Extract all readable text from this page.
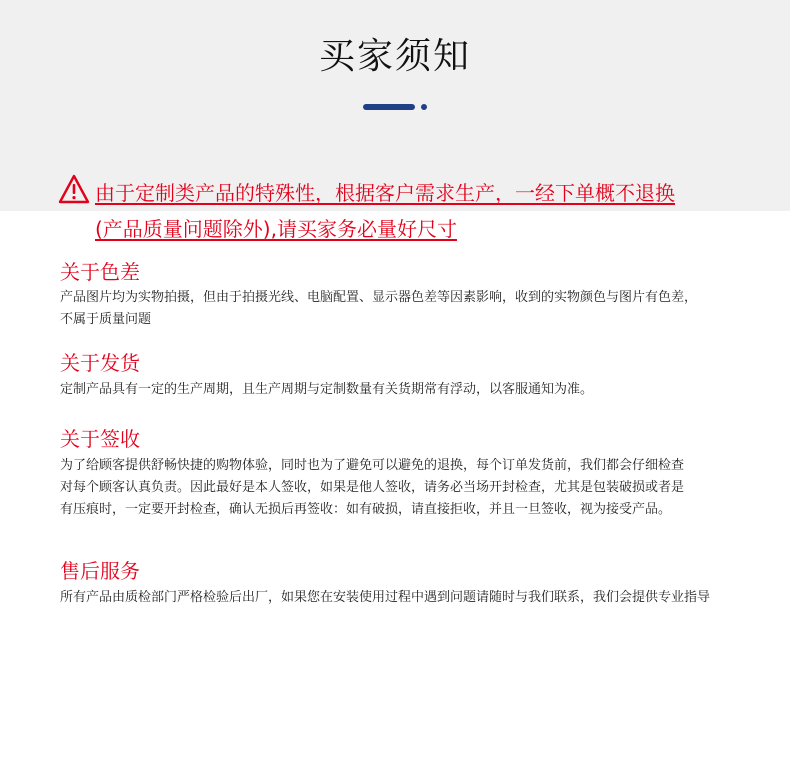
买家须知
由于定制类产品的特殊性，根据客户需求生产，一经下单概不退换
(产品质量问题除外),请买家务必量好尺寸
关于色差
产品图片均为实物拍摄，但由于拍摄光线、电脑配置、显示器色差等因素影响，收到的实物颜色与图片有色差，
不属于质量问题
关于发货
定制产品具有一定的生产周期，且生产周期与定制数量有关货期常有浮动，以客服通知为准。
关于签收
为了给顾客提供舒畅快捷的购物体验，同时也为了避免可以避免的退换，每个订单发货前，我们都会仔细检查
对每个顾客认真负责。因此最好是本人签收，如果是他人签收，请务必当场开封检查，尤其是包装破损或者是
有压痕时，一定要开封检查，确认无损后再签收：如有破损，请直接拒收，并且一旦签收，视为接受产品。
售后服务
所有产品由质检部门严格检验后出厂，如果您在安装使用过程中遇到问题请随时与我们联系，我们会提供专业指导
